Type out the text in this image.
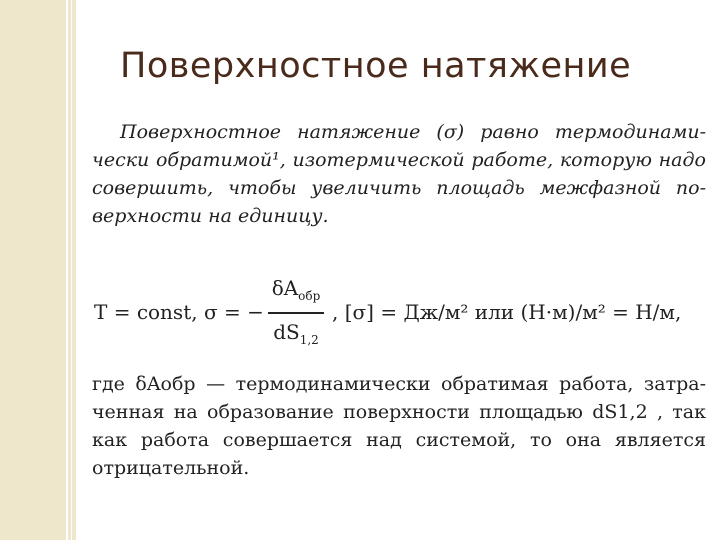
Поверхностное натяжение
Поверхностное натяжение (σ) равно термодинами-
чески обратимой¹, изотермической работе, которую надо
совершить, чтобы увеличить площадь межфазной по-
верхности на единицу.
T = const, σ = −
$\delta A_{обр}$
$dS_{1,2}$
, [σ] = Дж/м² или (Н·м)/м² = Н/м,
где δAобр — термодинамически обратимая работа, затра-
ченная на образование поверхности площадью dS1,2 , так
как работа совершается над системой, то она является
отрицательной.
